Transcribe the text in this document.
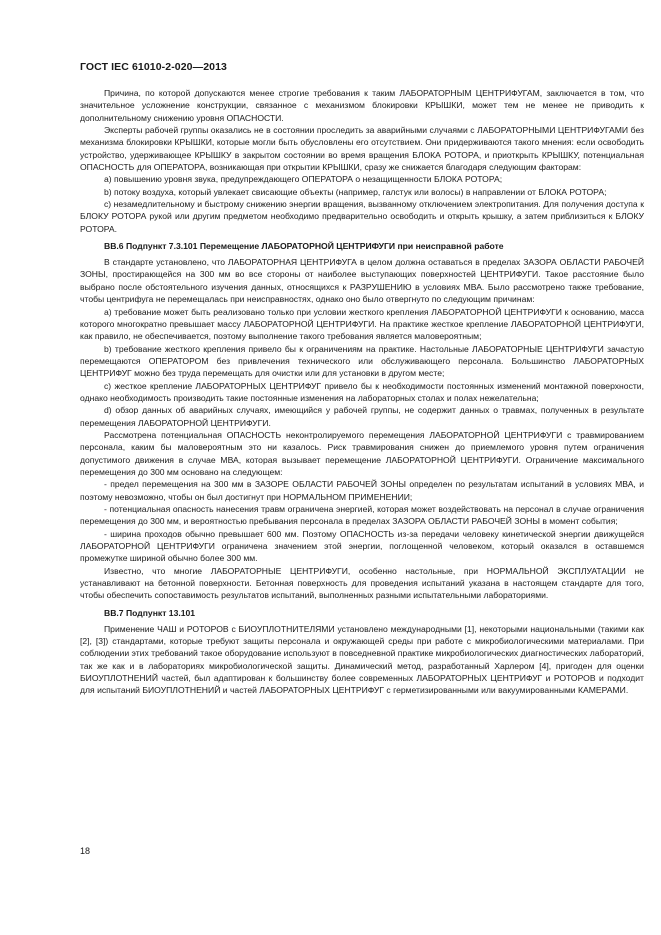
ГОСТ IEC 61010-2-020—2013

Причина, по которой допускаются менее строгие требования к таким ЛАБОРАТОРНЫМ ЦЕНТРИФУГАМ, заключается в том, что значительное усложнение конструкции, связанное с механизмом блокировки КРЫШКИ, может тем не менее не приводить к дополнительному снижению уровня ОПАСНОСТИ.

Эксперты рабочей группы оказались не в состоянии проследить за аварийными случаями с ЛАБОРАТОРНЫМИ ЦЕНТРИФУГАМИ без механизма блокировки КРЫШКИ, которые могли быть обусловлены его отсутствием. Они придерживаются такого мнения: если освободить устройство, удерживающее КРЫШКУ в закрытом состоянии во время вращения БЛОКА РОТОРА, и приоткрыть КРЫШКУ, потенциальная ОПАСНОСТЬ для ОПЕРАТОРА, возникающая при открытии КРЫШКИ, сразу же снижается благодаря следующим факторам:

a) повышению уровня звука, предупреждающего ОПЕРАТОРА о незащищенности БЛОКА РОТОРА;

b) потоку воздуха, который увлекает свисающие объекты (например, галстук или волосы) в направлении от БЛОКА РОТОРА;

c) незамедлительному и быстрому снижению энергии вращения, вызванному отключением электропитания. Для получения доступа к БЛОКУ РОТОРА рукой или другим предметом необходимо предварительно освободить и открыть крышку, а затем приблизиться к БЛОКУ РОТОРА.

ВВ.6 Подпункт 7.3.101 Перемещение ЛАБОРАТОРНОЙ ЦЕНТРИФУГИ при неисправной работе

В стандарте установлено, что ЛАБОРАТОРНАЯ ЦЕНТРИФУГА в целом должна оставаться в пределах ЗАЗОРА ОБЛАСТИ РАБОЧЕЙ ЗОНЫ, простирающейся на 300 мм во все стороны от наиболее выступающих поверхностей ЦЕНТРИФУГИ. Такое расстояние было выбрано после обстоятельного изучения данных, относящихся к РАЗРУШЕНИЮ в условиях МВА. Было рассмотрено также требование, чтобы центрифуга не перемещалась при неисправностях, однако оно было отвергнуто по следующим причинам:

a) требование может быть реализовано только при условии жесткого крепления ЛАБОРАТОРНОЙ ЦЕНТРИФУГИ к основанию, масса которого многократно превышает массу ЛАБОРАТОРНОЙ ЦЕНТРИФУГИ. На практике жесткое крепление ЛАБОРАТОРНОЙ ЦЕНТРИФУГИ, как правило, не обеспечивается, поэтому выполнение такого требования является маловероятным;

b) требование жесткого крепления привело бы к ограничениям на практике. Настольные ЛАБОРАТОРНЫЕ ЦЕНТРИФУГИ зачастую перемещаются ОПЕРАТОРОМ без привлечения технического или обслуживающего персонала. Большинство ЛАБОРАТОРНЫХ ЦЕНТРИФУГ можно без труда перемещать для очистки или для установки в другом месте;

c) жесткое крепление ЛАБОРАТОРНЫХ ЦЕНТРИФУГ привело бы к необходимости постоянных изменений монтажной поверхности, однако необходимость производить такие постоянные изменения на лабораторных столах и полах нежелательна;

d) обзор данных об аварийных случаях, имеющийся у рабочей группы, не содержит данных о травмах, полученных в результате перемещения ЛАБОРАТОРНОЙ ЦЕНТРИФУГИ.

Рассмотрена потенциальная ОПАСНОСТЬ неконтролируемого перемещения ЛАБОРАТОРНОЙ ЦЕНТРИФУГИ с травмированием персонала, каким бы маловероятным это ни казалось. Риск травмирования снижен до приемлемого уровня путем ограничения допустимого движения в случае МВА, которая вызывает перемещение ЛАБОРАТОРНОЙ ЦЕНТРИФУГИ. Ограничение максимального перемещения до 300 мм основано на следующем:

- предел перемещения на 300 мм в ЗАЗОРЕ ОБЛАСТИ РАБОЧЕЙ ЗОНЫ определен по результатам испытаний в условиях МВА, и поэтому невозможно, чтобы он был достигнут при НОРМАЛЬНОМ ПРИМЕНЕНИИ;

- потенциальная опасность нанесения травм ограничена энергией, которая может воздействовать на персонал в случае ограничения перемещения до 300 мм, и вероятностью пребывания персонала в пределах ЗАЗОРА ОБЛАСТИ РАБОЧЕЙ ЗОНЫ в момент события;

- ширина проходов обычно превышает 600 мм. Поэтому ОПАСНОСТЬ из-за передачи человеку кинетической энергии движущейся ЛАБОРАТОРНОЙ ЦЕНТРИФУГИ ограничена значением этой энергии, поглощенной человеком, который оказался в оставшемся промежутке шириной обычно более 300 мм.

Известно, что многие ЛАБОРАТОРНЫЕ ЦЕНТРИФУГИ, особенно настольные, при НОРМАЛЬНОЙ ЭКСПЛУАТАЦИИ не устанавливают на бетонной поверхности. Бетонная поверхность для проведения испытаний указана в настоящем стандарте для того, чтобы обеспечить сопоставимость результатов испытаний, выполненных разными испытательными лабораториями.

ВВ.7 Подпункт 13.101

Применение ЧАШ и РОТОРОВ с БИОУПЛОТНИТЕЛЯМИ установлено международными [1], некоторыми национальными (такими как [2], [3]) стандартами, которые требуют защиты персонала и окружающей среды при работе с микробиологическими материалами. При соблюдении этих требований такое оборудование используют в повседневной практике микробиологических диагностических лабораторий, так же как и в лабораториях микробиологической защиты. Динамический метод, разработанный Харлером [4], пригоден для оценки БИОУПЛОТНЕНИЙ частей, был адаптирован к большинству более современных ЛАБОРАТОРНЫХ ЦЕНТРИФУГ и РОТОРОВ и подходит для испытаний БИОУПЛОТНЕНИЙ и частей ЛАБОРАТОРНЫХ ЦЕНТРИФУГ с герметизированными или вакуумированными КАМЕРАМИ.

18
